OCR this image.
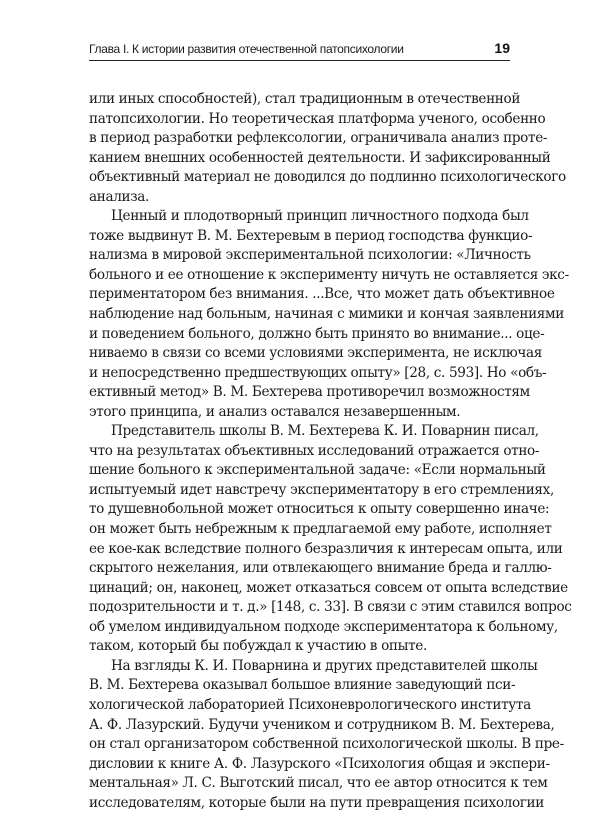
Глава I. К истории развития отечественной патопсихологии	19
или иных способностей), стал традиционным в отечественной
патопсихологии. Но теоретическая платформа ученого, особенно
в период разработки рефлексологии, ограничивала анализ проте-
канием внешних особенностей деятельности. И зафиксированный
объективный материал не доводился до подлинно психологического
анализа.
Ценный и плодотворный принцип личностного подхода был
тоже выдвинут В. М. Бехтеревым в период господства функцио-
нализма в мировой экспериментальной психологии: «Личность
больного и ее отношение к эксперименту ничуть не оставляется экс-
периментатором без внимания. ...Все, что может дать объективное
наблюдение над больным, начиная с мимики и кончая заявлениями
и поведением больного, должно быть принято во внимание... оце-
ниваемо в связи со всеми условиями эксперимента, не исключая
и непосредственно предшествующих опыту» [28, с. 593]. Но «объ-
ективный метод» В. М. Бехтерева противоречил возможностям
этого принципа, и анализ оставался незавершенным.
Представитель школы В. М. Бехтерева К. И. Поварнин писал,
что на результатах объективных исследований отражается отно-
шение больного к экспериментальной задаче: «Если нормальный
испытуемый идет навстречу экспериментатору в его стремлениях,
то душевнобольной может относиться к опыту совершенно иначе:
он может быть небрежным к предлагаемой ему работе, исполняет
ее кое-как вследствие полного безразличия к интересам опыта, или
скрытого нежелания, или отвлекающего внимание бреда и галлю-
цинаций; он, наконец, может отказаться совсем от опыта вследствие
подозрительности и т. д.» [148, с. 33]. В связи с этим ставился вопрос
об умелом индивидуальном подходе экспериментатора к больному,
таком, который бы побуждал к участию в опыте.
На взгляды К. И. Поварнина и других представителей школы
В. М. Бехтерева оказывал большое влияние заведующий пси-
хологической лабораторией Психоневрологического института
А. Ф. Лазурский. Будучи учеником и сотрудником В. М. Бехтерева,
он стал организатором собственной психологической школы. В пре-
дисловии к книге А. Ф. Лазурского «Психология общая и экспери-
ментальная» Л. С. Выготский писал, что ее автор относится к тем
исследователям, которые были на пути превращения психологии
